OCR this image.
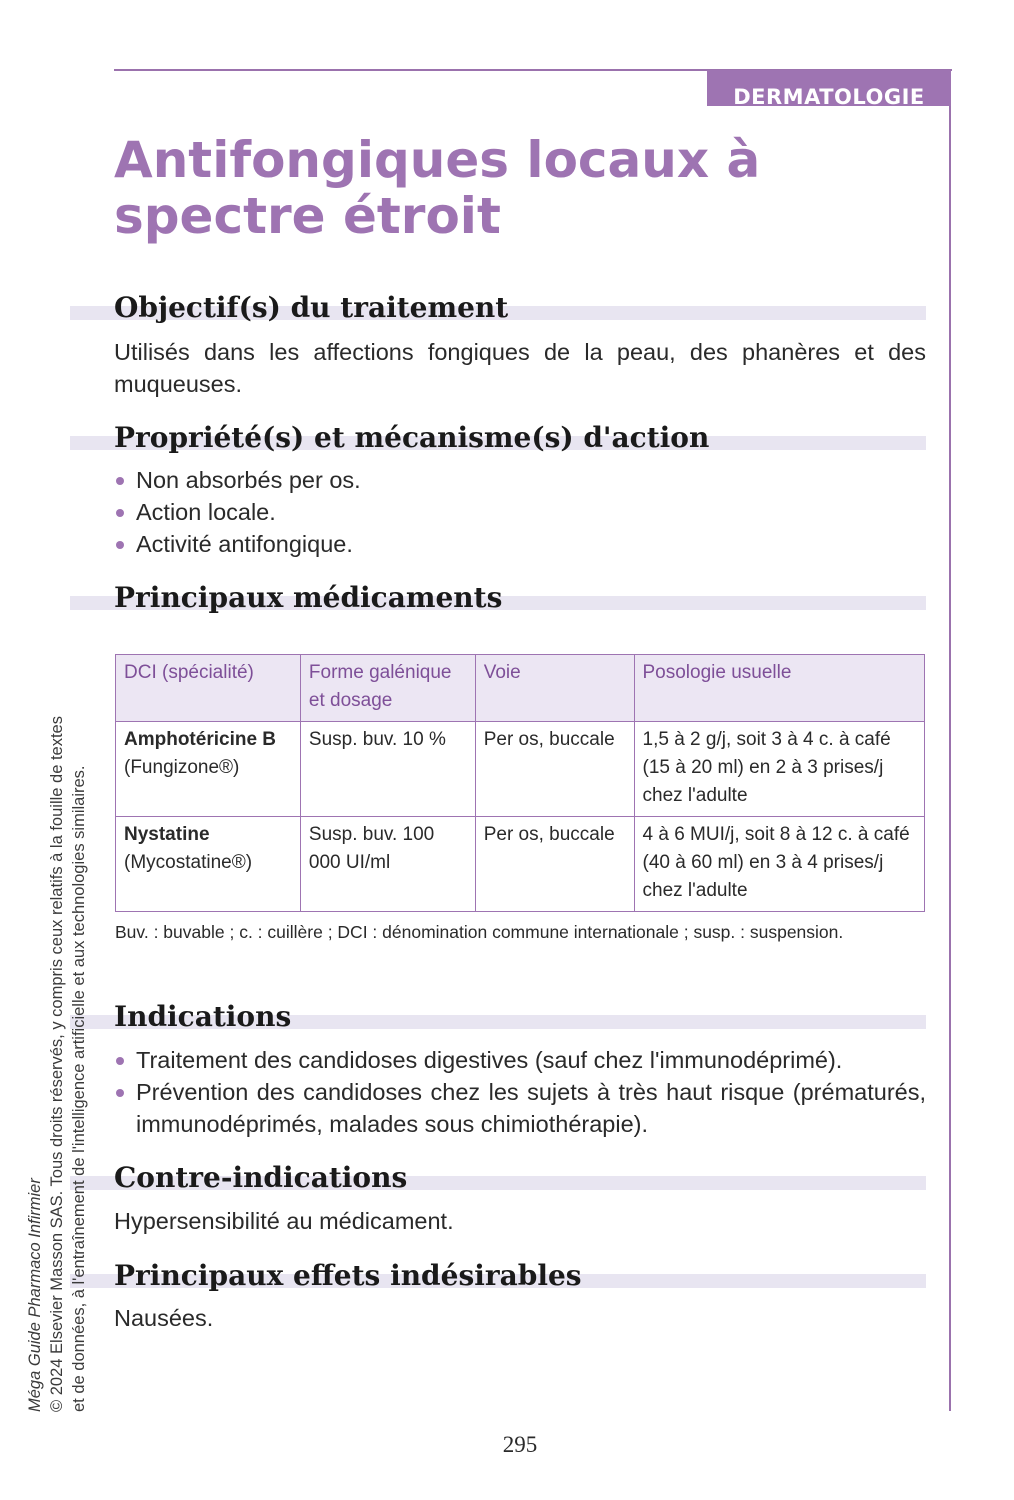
DERMATOLOGIE
Antifongiques locaux à spectre étroit
Objectif(s) du traitement

Utilisés dans les affections fongiques de la peau, des phanères et des muqueuses.

Propriété(s) et mécanisme(s) d'action
Non absorbés per os.
Action locale.
Activité antifongique.
Principaux médicaments
DCI (spécialité)	Forme galénique et dosage	Voie	Posologie usuelle

Amphotéricine B
(Fungizone®)	Susp. buv. 10 %	Per os, buccale	1,5 à 2 g/j, soit 3 à 4 c. à café (15 à 20 ml) en 2 à 3 prises/j chez l'adulte

Nystatine
(Mycostatine®)	Susp. buv. 100 000 UI/ml	Per os, buccale	4 à 6 MUI/j, soit 8 à 12 c. à café (40 à 60 ml) en 3 à 4 prises/j chez l'adulte
Buv. : buvable ; c. : cuillère ; DCI : dénomination commune internationale ; susp. : suspension.
Indications
Traitement des candidoses digestives (sauf chez l'immunodéprimé).
Prévention des candidoses chez les sujets à très haut risque (prématurés, immunodéprimés, malades sous chimiothérapie).
Contre-indications

Hypersensibilité au médicament.

Principaux effets indésirables

Nausées.

Méga Guide Pharmaco Infirmier © 2024 Elsevier Masson SAS. Tous droits réservés, y compris ceux relatifs à la fouille de textes et de données, à l'entraînement de l'intelligence artificielle et aux technologies similaires.
295
